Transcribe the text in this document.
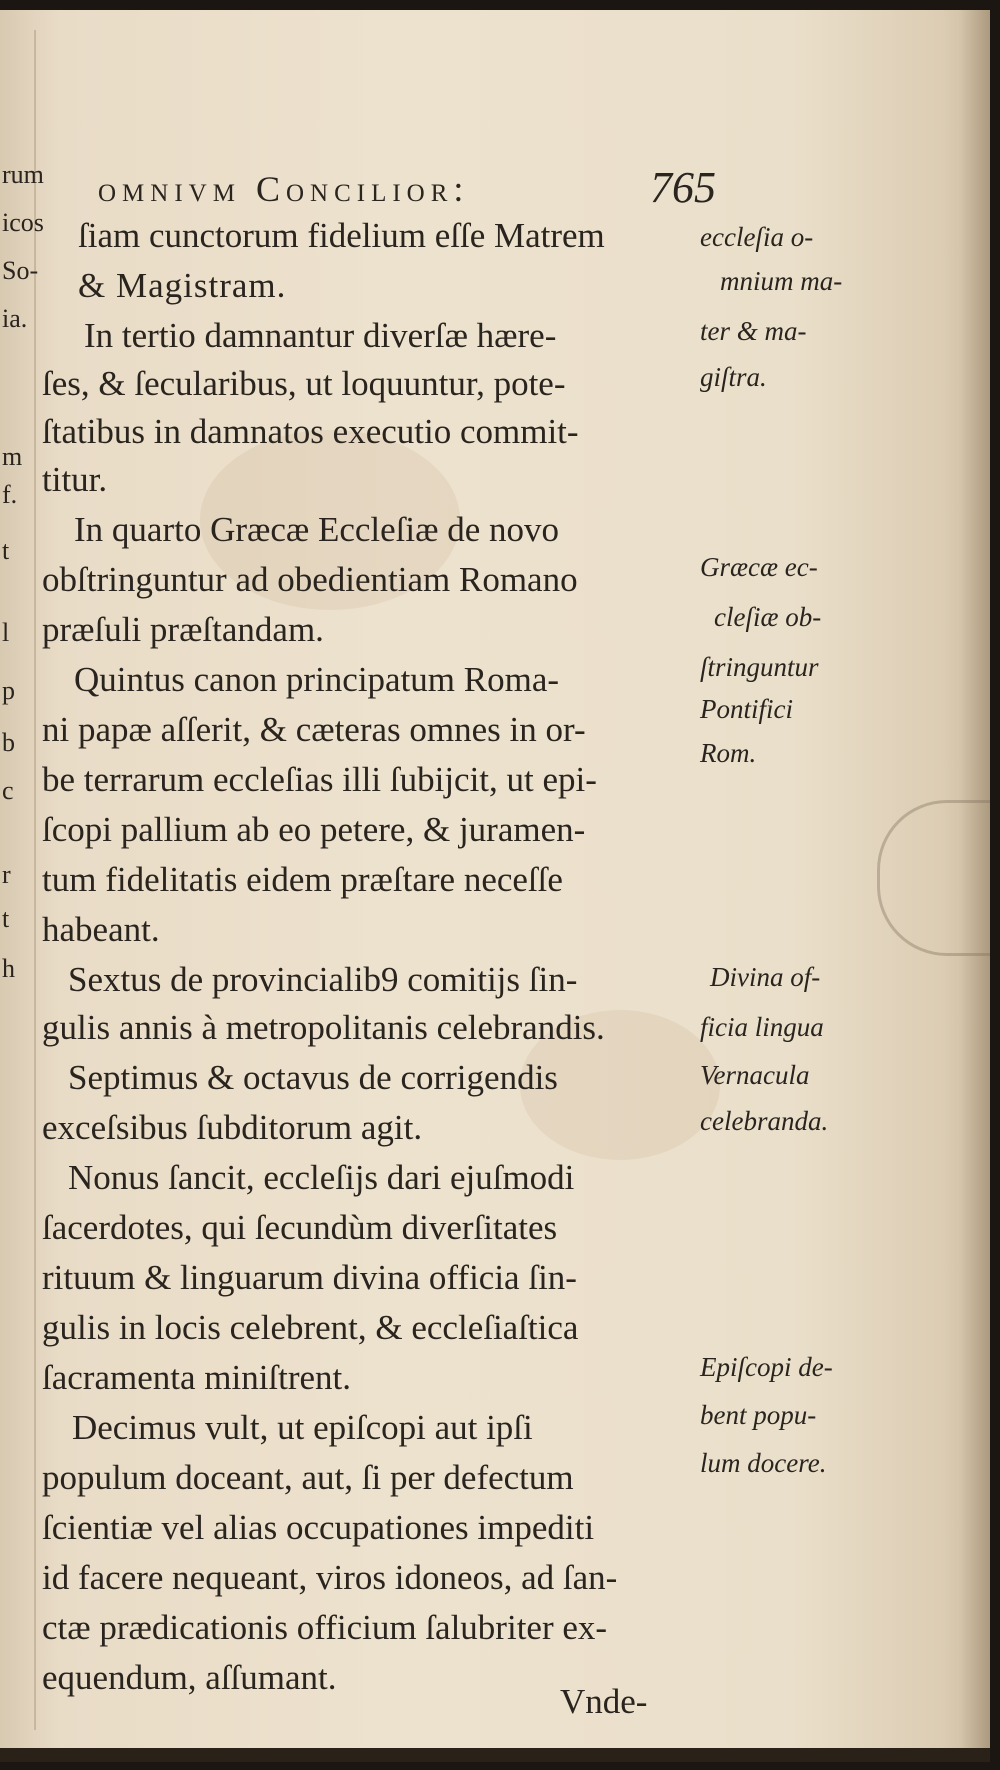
rum
icos
So-
ia.
m
f.
t
l
p
b
c
r
t
h
omnivm Concilior:	765
ſiam cunctorum fidelium eſſe Matrem
& Magistram.
In tertio damnantur diverſæ hære-
ſes, & ſecularibus, ut loquuntur, pote-
ſtatibus in damnatos executio commit-
titur.
In quarto Græcæ Eccleſiæ de novo
obſtringuntur ad obedientiam Romano
præſuli præſtandam.
Quintus canon principatum Roma-
ni papæ aſſerit, & cæteras omnes in or-
be terrarum eccleſias illi ſubijcit, ut epi-
ſcopi pallium ab eo petere, & juramen-
tum fidelitatis eidem præſtare neceſſe
habeant.
Sextus de provincialib9 comitijs ſin-
gulis annis à metropolitanis celebrandis.
Septimus & octavus de corrigendis
exceſsibus ſubditorum agit.
Nonus ſancit, eccleſijs dari ejuſmodi
ſacerdotes, qui ſecundùm diverſitates
rituum & linguarum divina officia ſin-
gulis in locis celebrent, & eccleſiaſtica
ſacramenta miniſtrent.
Decimus vult, ut epiſcopi aut ipſi
populum doceant, aut, ſi per defectum
ſcientiæ vel alias occupationes impediti
id facere nequeant, viros idoneos, ad ſan-
ctæ prædicationis officium ſalubriter ex-
equendum, aſſumant.
Vnde-
eccleſia o-
mnium ma-
ter & ma-
giſtra.
Græcæ ec-
cleſiæ ob-
ſtringuntur
Pontifici
Rom.
Divina of-
ficia lingua
Vernacula
celebranda.
Epiſcopi de-
bent popu-
lum docere.
